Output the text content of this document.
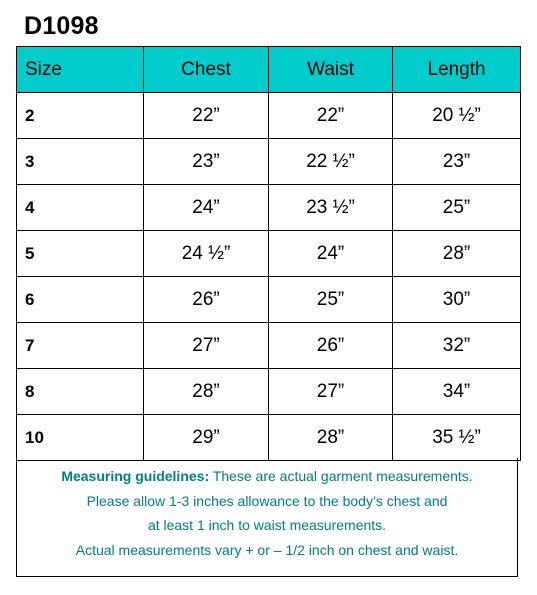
D1098
Size	Chest	Waist	Length
2	22”	22”	20 ½”
3	23”	22 ½”	23”
4	24”	23 ½”	25”
5	24 ½”	24”	28”
6	26”	25”	30”
7	27”	26”	32”
8	28”	27”	34”
10	29”	28”	35 ½”
Measuring guidelines: These are actual garment measurements.
Please allow 1-3 inches allowance to the body’s chest and
at least 1 inch to waist measurements.
Actual measurements vary + or – 1/2 inch on chest and waist.
